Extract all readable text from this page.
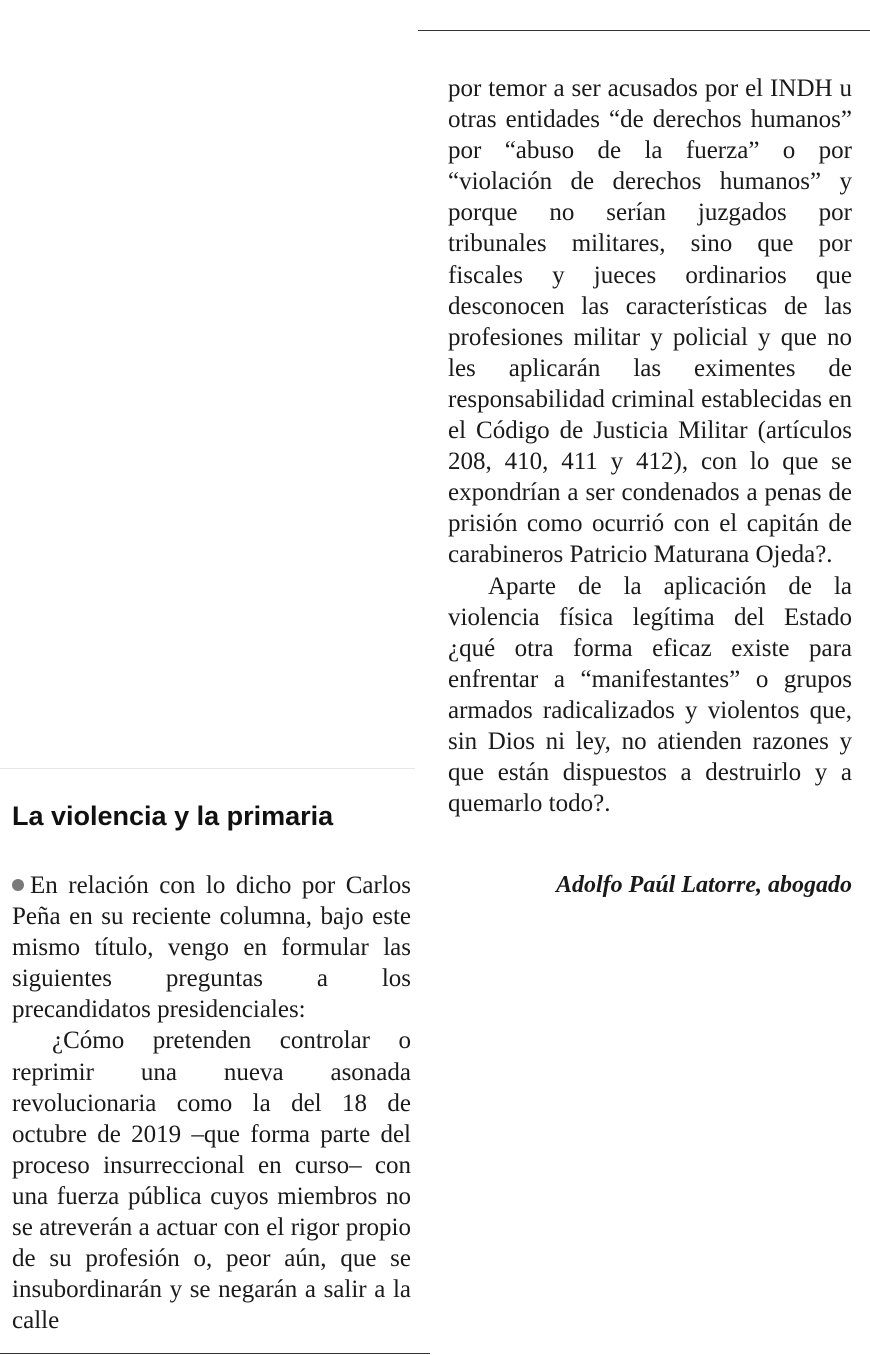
por temor a ser acusados por el INDH u otras entidades “de derechos humanos” por “abuso de la fuerza” o por “violación de derechos humanos” y porque no serían juzgados por tribunales militares, sino que por fiscales y jueces ordinarios que desconocen las características de las profesiones militar y policial y que no les aplicarán las eximentes de responsabilidad criminal establecidas en el Código de Justicia Militar (artículos 208, 410, 411 y 412), con lo que se expondrían a ser condenados a penas de prisión como ocurrió con el capitán de carabineros Patricio Maturana Ojeda?.

Aparte de la aplicación de la violencia física legítima del Estado ¿qué otra forma eficaz existe para enfrentar a “manifestantes” o grupos armados radicalizados y violentos que, sin Dios ni ley, no atienden razones y que están dispuestos a destruirlo y a quemarlo todo?.

La violencia y la primaria

En relación con lo dicho por Carlos Peña en su reciente columna, bajo este mismo título, vengo en formular las siguientes preguntas a los precandidatos presidenciales:

¿Cómo pretenden controlar o reprimir una nueva asonada revolucionaria como la del 18 de octubre de 2019 –que forma parte del proceso insurreccional en curso– con una fuerza pública cuyos miembros no se atreverán a actuar con el rigor propio de su profesión o, peor aún, que se insubordinarán y se negarán a salir a la calle

Adolfo Paúl Latorre, abogado
